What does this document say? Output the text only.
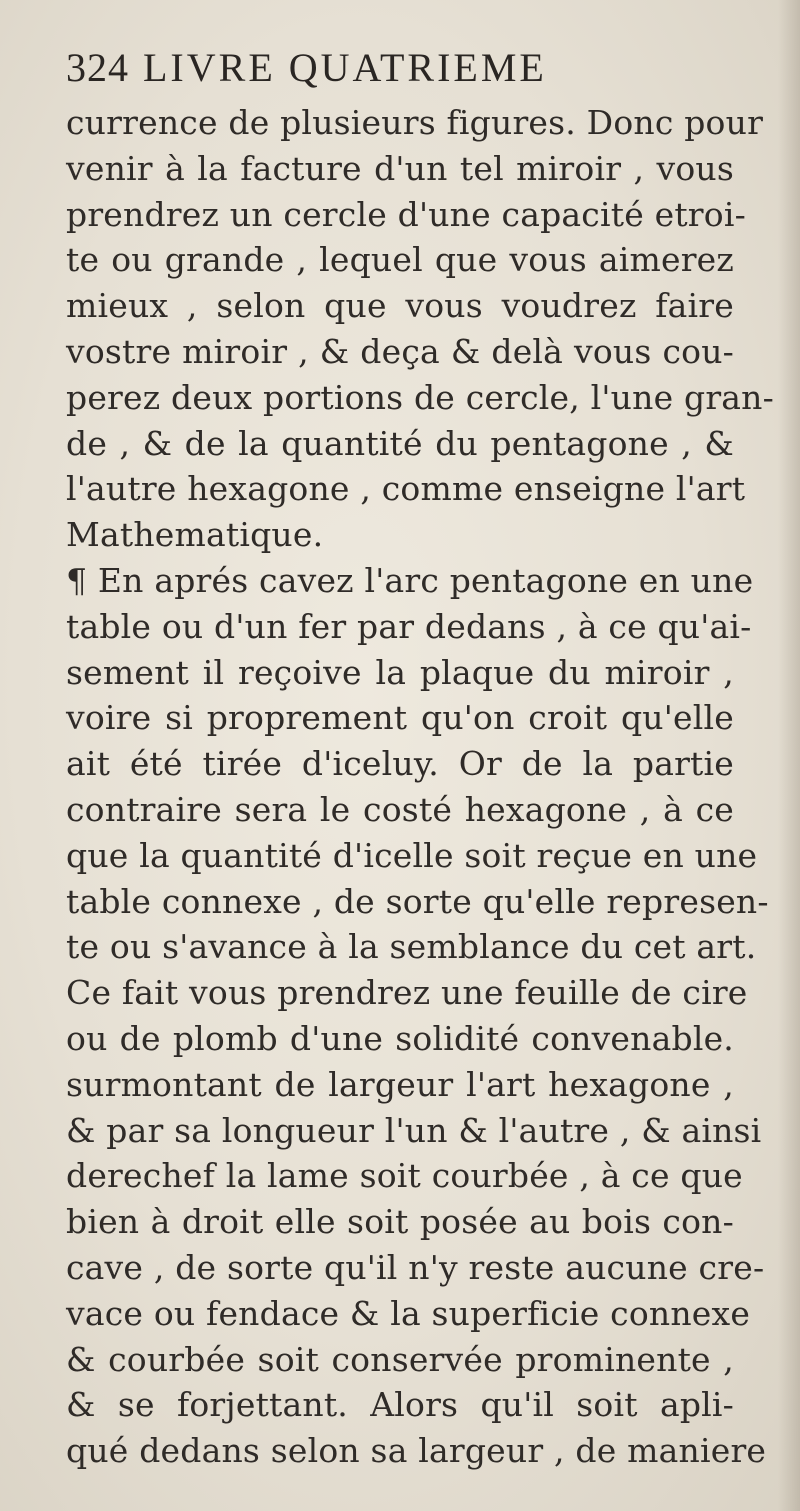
324 LIVRE QUATRIEME
currence de plusieurs figures. Donc pour
venir à la facture d'un tel miroir , vous
prendrez un cercle d'une capacité etroi-
te ou grande , lequel que vous aimerez
mieux , selon que vous voudrez faire
vostre miroir , & deça & delà vous cou-
perez deux portions de cercle, l'une gran-
de , & de la quantité du pentagone , &
l'autre hexagone , comme enseigne l'art
Mathematique.
¶ En aprés cavez l'arc pentagone en une
table ou d'un fer par dedans , à ce qu'ai-
sement il reçoive la plaque du miroir ,
voire si proprement qu'on croit qu'elle
ait été tirée d'iceluy. Or de la partie
contraire sera le costé hexagone , à ce
que la quantité d'icelle soit reçue en une
table connexe , de sorte qu'elle represen-
te ou s'avance à la semblance du cet art.
Ce fait vous prendrez une feuille de cire
ou de plomb d'une solidité convenable.
surmontant de largeur l'art hexagone ,
& par sa longueur l'un & l'autre , & ainsi
derechef la lame soit courbée , à ce que
bien à droit elle soit posée au bois con-
cave , de sorte qu'il n'y reste aucune cre-
vace ou fendace & la superficie connexe
& courbée soit conservée prominente ,
& se forjettant. Alors qu'il soit apli-
qué dedans selon sa largeur , de maniere
